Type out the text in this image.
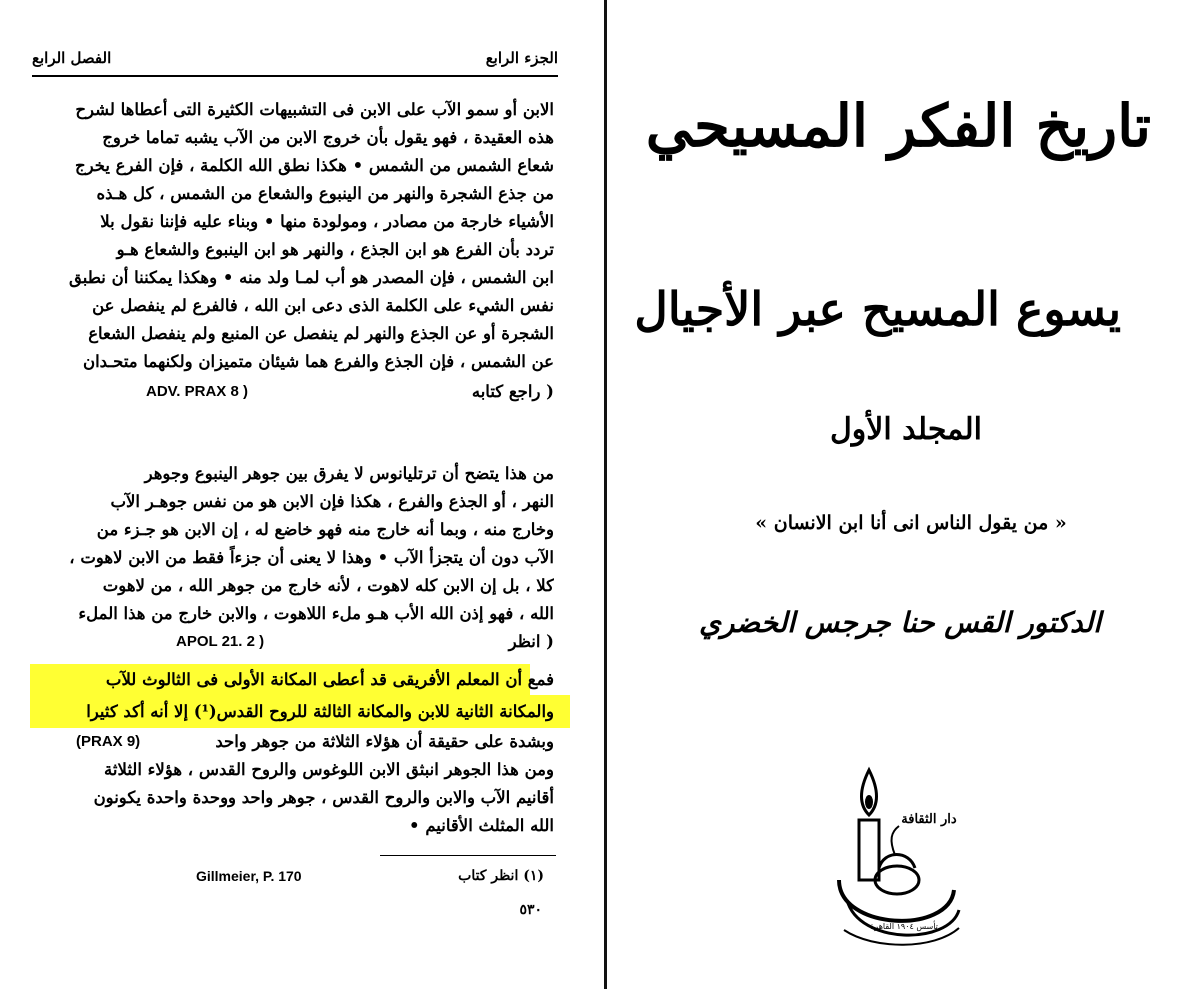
الجزء الرابع
الفصل الرابع
الابن أو سمو الآب على الابن فى التشبيهات الكثيرة التى أعطاها لشرح
هذه العقيدة ، فهو يقول بأن خروج الابن من الآب يشبه تماما خروج
شعاع الشمس من الشمس • هكذا نطق الله الكلمة ، فإن الفرع يخرج
من جذع الشجرة والنهر من الينبوع والشعاع من الشمس ، كل هـذه
الأشياء خارجة من مصادر ، ومولودة منها • وبناء عليه فإننا نقول بلا
تردد بأن الفرع هو ابن الجذع ، والنهر هو ابن الينبوع والشعاع هـو
ابن الشمس ، فإن المصدر هو أب لمـا ولد منه • وهكذا يمكننا أن نطبق
نفس الشيء على الكلمة الذى دعى ابن الله ، فالفرع لم ينفصل عن
الشجرة أو عن الجذع والنهر لم ينفصل عن المنبع ولم ينفصل الشعاع
عن الشمس ، فإن الجذع والفرع هما شيئان متميزان ولكنهما متحـدان
( راجع كتابه
ADV. PRAX 8 )
من هذا يتضح أن ترتليانوس لا يفرق بين جوهر الينبوع وجوهر
النهر ، أو الجذع والفرع ، هكذا فإن الابن هو من نفس جوهـر الآب
وخارج منه ، وبما أنه خارج منه فهو خاضع له ، إن الابن هو جـزء من
الآب دون أن يتجزأ الآب • وهذا لا يعنى أن جزءاً فقط من الابن لاهوت ،
كلا ، بل إن الابن كله لاهوت ، لأنه خارج من جوهر الله ، من لاهوت
الله ، فهو إذن الله الأب هـو ملء اللاهوت ، والابن خارج من هذا الملء
( انظر
APOL 21. 2 )
فمع أن المعلم الأفريقى قد أعطى المكانة الأولى فى الثالوث للآب
والمكانة الثانية للابن والمكانة الثالثة للروح القدس(¹) إلا أنه أكد كثيرا
وبشدة على حقيقة أن هؤلاء الثلاثة من جوهر واحد
(PRAX 9)
ومن هذا الجوهر انبثق الابن اللوغوس والروح القدس ، هؤلاء الثلاثة
أقانيم الآب والابن والروح القدس ، جوهر واحد ووحدة واحدة يكونون
الله المثلث الأقانيم •
(١) انظر كتاب
Gillmeier, P. 170
٥٣٠
تاريخ الفكر المسيحي
يسوع المسيح عبر الأجيال
المجلد الأول
« من يقول الناس انى أنا ابن الانسان »
الدكتور القس حنا جرجس الخضري
دار الثقافة
تأسس ١٩٠٤ القاهرة
